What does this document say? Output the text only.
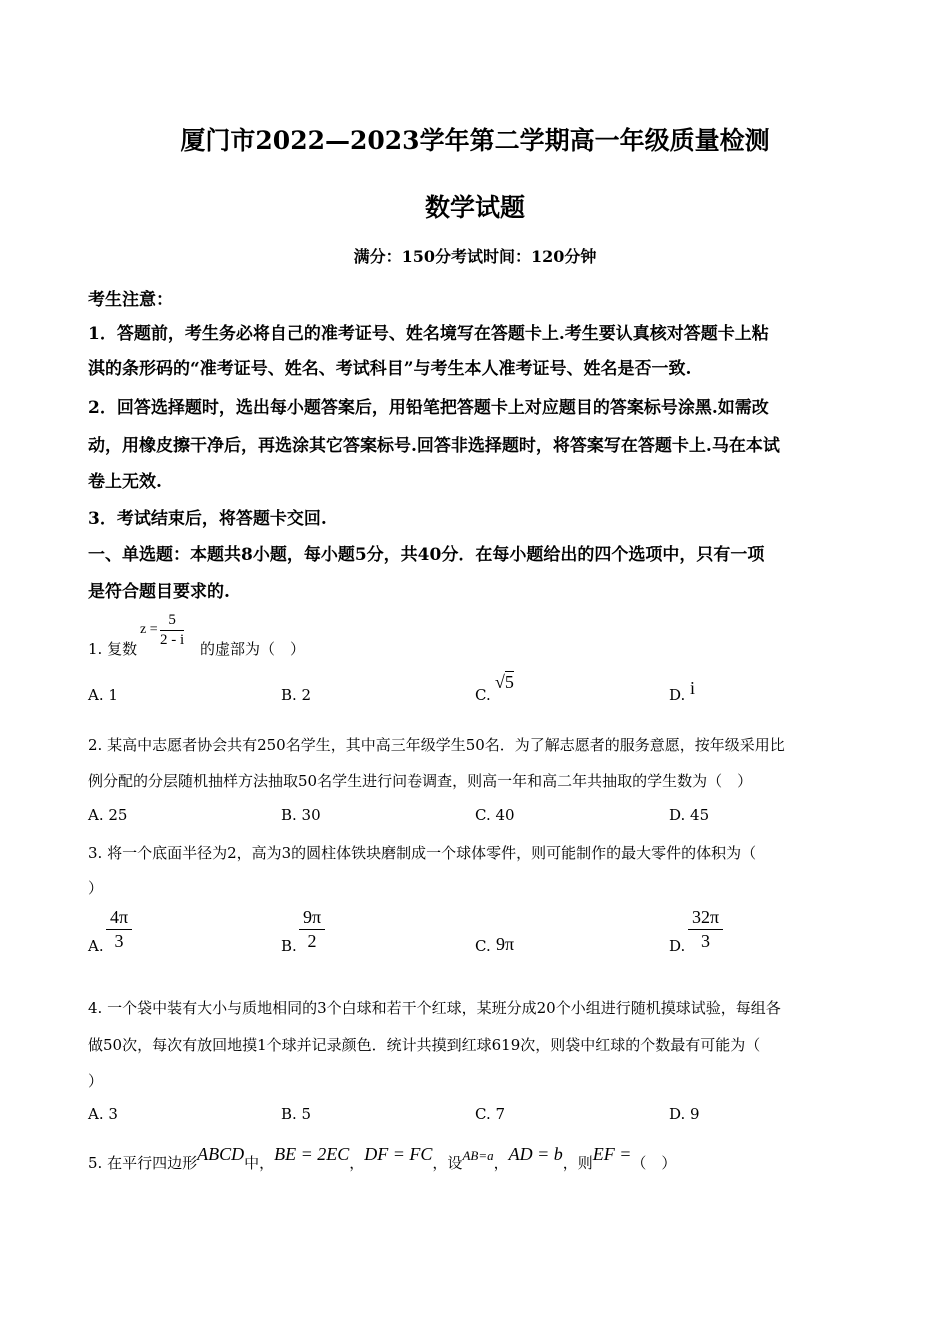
厦门市2022—2023学年第二学期高一年级质量检测
数学试题
满分：150分考试时间：120分钟
考生注意：
1．答题前，考生务必将自己的准考证号、姓名境写在答题卡上.考生要认真核对答题卡上粘
淇的条形码的“准考证号、姓名、考试科目”与考生本人准考证号、姓名是否一致.
2．回答选择题时，选出每小题答案后，用铅笔把答题卡上对应题目的答案标号涂黑.如需改
动，用橡皮擦干净后，再选涂其它答案标号.回答非选择题时，将答案写在答题卡上.马在本试
卷上无效.
3．考试结束后，将答题卡交回.
一、单选题：本题共8小题，每小题5分，共40分．在每小题给出的四个选项中，只有一项
是符合题目要求的.
1. 复数
$z = \frac{5}{2 - i}$ 的虚部为（　）
A. 1	B. 2	C.
√5
D. i
2. 某高中志愿者协会共有250名学生，其中高三年级学生50名．为了解志愿者的服务意愿，按年级采用比
例分配的分层随机抽样方法抽取50名学生进行问卷调查，则高一年和高二年共抽取的学生数为（　）
A. 25	B. 30	C. 40	D. 45
3. 将一个底面半径为2，高为3的圆柱体铁块磨制成一个球体零件，则可能制作的最大零件的体积为（
）
A. $\frac{4\pi}{3}$	B. $\frac{9\pi}{2}$	C. 9π	D. $\frac{32\pi}{3}$
4. 一个袋中装有大小与质地相同的3个白球和若干个红球，某班分成20个小组进行随机摸球试验，每组各
做50次，每次有放回地摸1个球并记录颜色．统计共摸到红球619次，则袋中红球的个数最有可能为（
）
A. 3	B. 5	C. 7	D. 9
5. 在平行四边形ABCD中，BE = 2EC，DF = FC，设AB=a，AD = b，则EF =（　）
